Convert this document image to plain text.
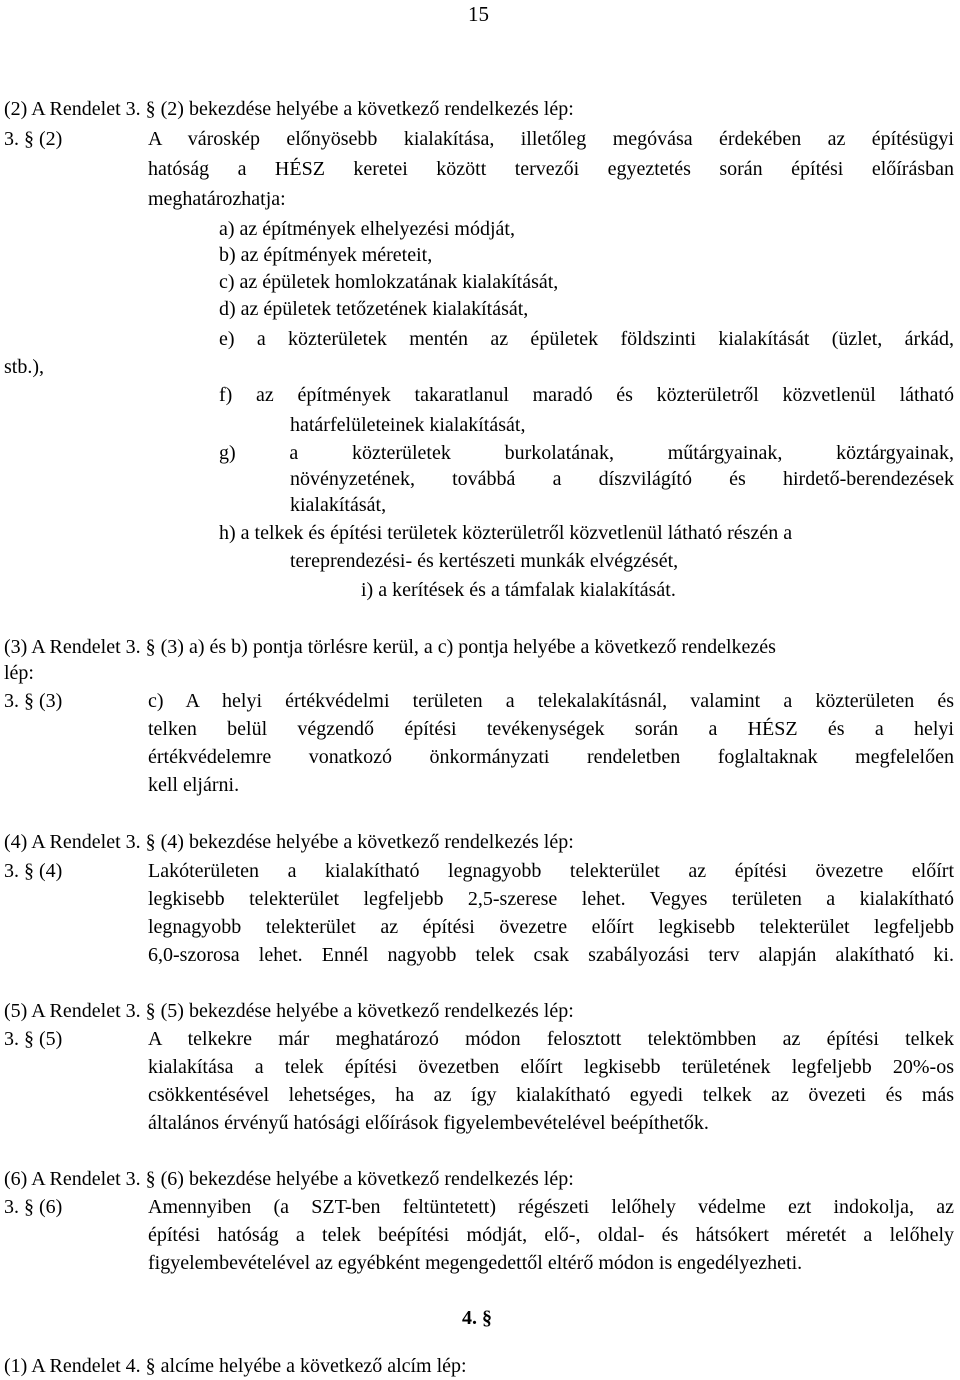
15
(2) A Rendelet 3. § (2) bekezdése helyébe a következő rendelkezés lép:
3. § (2)	A városkép előnyösebb kialakítása, illetőleg megóvása érdekében az építésügyi
hatóság a HÉSZ keretei között tervezői egyeztetés során építési előírásban
meghatározhatja:
a) az építmények elhelyezési módját,
b) az építmények méreteit,
c) az épületek homlokzatának kialakítását,
d) az épületek tetőzetének kialakítását,
e) a közterületek mentén az épületek földszinti kialakítását (üzlet, árkád,
stb.),
f) az építmények takaratlanul maradó és közterületről közvetlenül látható
határfelületeinek kialakítását,
g) a közterületek burkolatának, műtárgyainak, köztárgyainak,
növényzetének, továbbá a díszvilágító és hirdető-berendezések
kialakítását,
h) a telkek és építési területek közterületről közvetlenül látható részén a
tereprendezési- és kertészeti munkák elvégzését,
i) a kerítések és a támfalak kialakítását.
(3) A Rendelet 3. § (3) a) és b) pontja törlésre kerül, a c) pontja helyébe a következő rendelkezés
lép:
3. § (3)	c) A helyi értékvédelmi területen a telekalakításnál, valamint a közterületen és
telken belül végzendő építési tevékenységek során a HÉSZ és a helyi
értékvédelemre vonatkozó önkormányzati rendeletben foglaltaknak megfelelően
kell eljárni.
(4) A Rendelet 3. § (4) bekezdése helyébe a következő rendelkezés lép:
3. § (4)	Lakóterületen a kialakítható legnagyobb telekterület az építési övezetre előírt
legkisebb telekterület legfeljebb 2,5-szerese lehet. Vegyes területen a kialakítható
legnagyobb telekterület az építési övezetre előírt legkisebb telekterület legfeljebb
6,0-szorosa lehet. Ennél nagyobb telek csak szabályozási terv alapján alakítható ki.
(5) A Rendelet 3. § (5) bekezdése helyébe a következő rendelkezés lép:
3. § (5)	A telkekre már meghatározó módon felosztott telektömbben az építési telkek
kialakítása a telek építési övezetben előírt legkisebb területének legfeljebb 20%-os
csökkentésével lehetséges, ha az így kialakítható egyedi telkek az övezeti és más
általános érvényű hatósági előírások figyelembevételével beépíthetők.
(6) A Rendelet 3. § (6) bekezdése helyébe a következő rendelkezés lép:
3. § (6)	Amennyiben (a SZT-ben feltüntetett) régészeti lelőhely védelme ezt indokolja, az
építési hatóság a telek beépítési módját, elő-, oldal- és hátsókert méretét a lelőhely
figyelembevételével az egyébként megengedettől eltérő módon is engedélyezheti.
4. §
(1) A Rendelet 4. § alcíme helyébe a következő alcím lép:
